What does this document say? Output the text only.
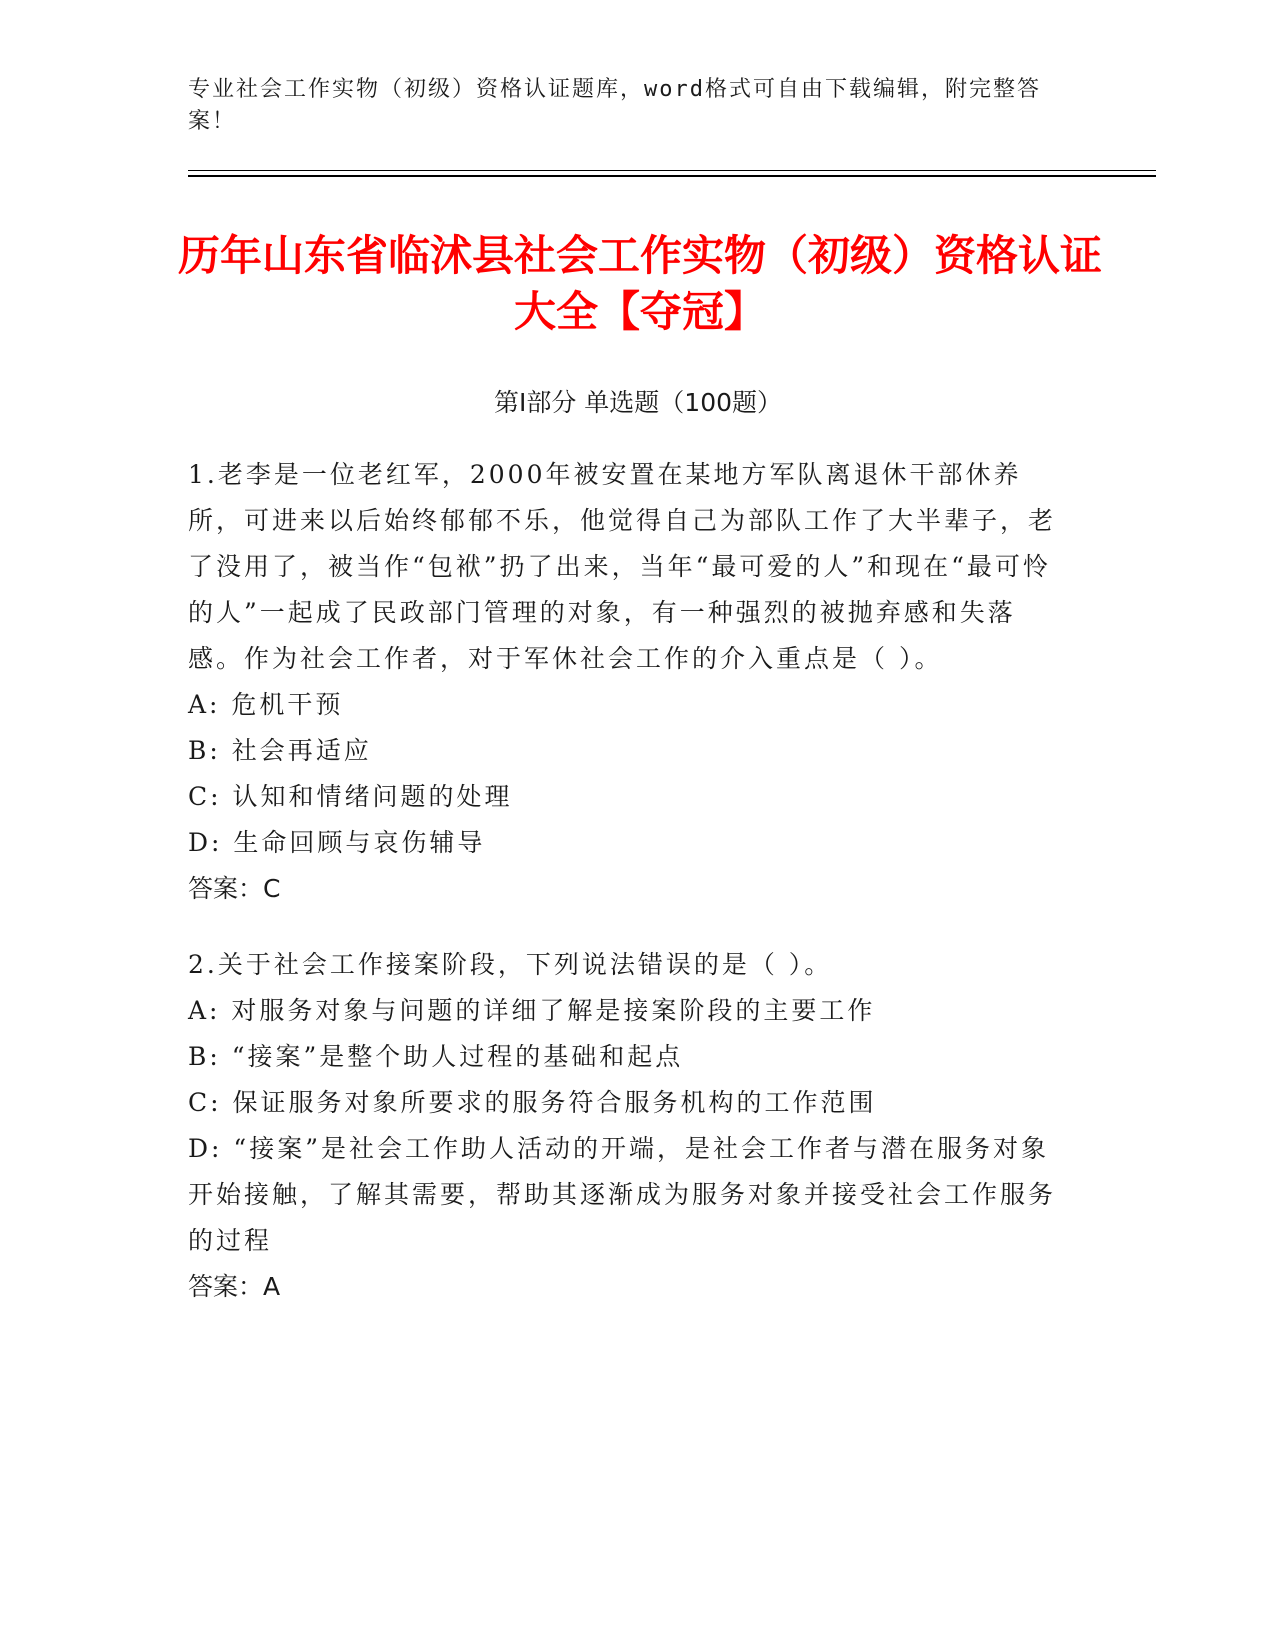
专业社会工作实物（初级）资格认证题库，word格式可自由下载编辑，附完整答案！
历年山东省临沭县社会工作实物（初级）资格认证大全【夺冠】
第I部分 单选题（100题）

1.老李是一位老红军，2000年被安置在某地方军队离退休干部休养所，可进来以后始终郁郁不乐，他觉得自己为部队工作了大半辈子，老了没用了，被当作“包袱”扔了出来，当年“最可爱的人”和现在“最可怜的人”一起成了民政部门管理的对象，有一种强烈的被抛弃感和失落感。作为社会工作者，对于军休社会工作的介入重点是（ ）。

A: 危机干预

B: 社会再适应

C: 认知和情绪问题的处理

D: 生命回顾与哀伤辅导

答案：C

2.关于社会工作接案阶段，下列说法错误的是（ ）。

A: 对服务对象与问题的详细了解是接案阶段的主要工作

B: “接案”是整个助人过程的基础和起点

C: 保证服务对象所要求的服务符合服务机构的工作范围

D: “接案”是社会工作助人活动的开端，是社会工作者与潜在服务对象开始接触，了解其需要，帮助其逐渐成为服务对象并接受社会工作服务的过程

答案：A
